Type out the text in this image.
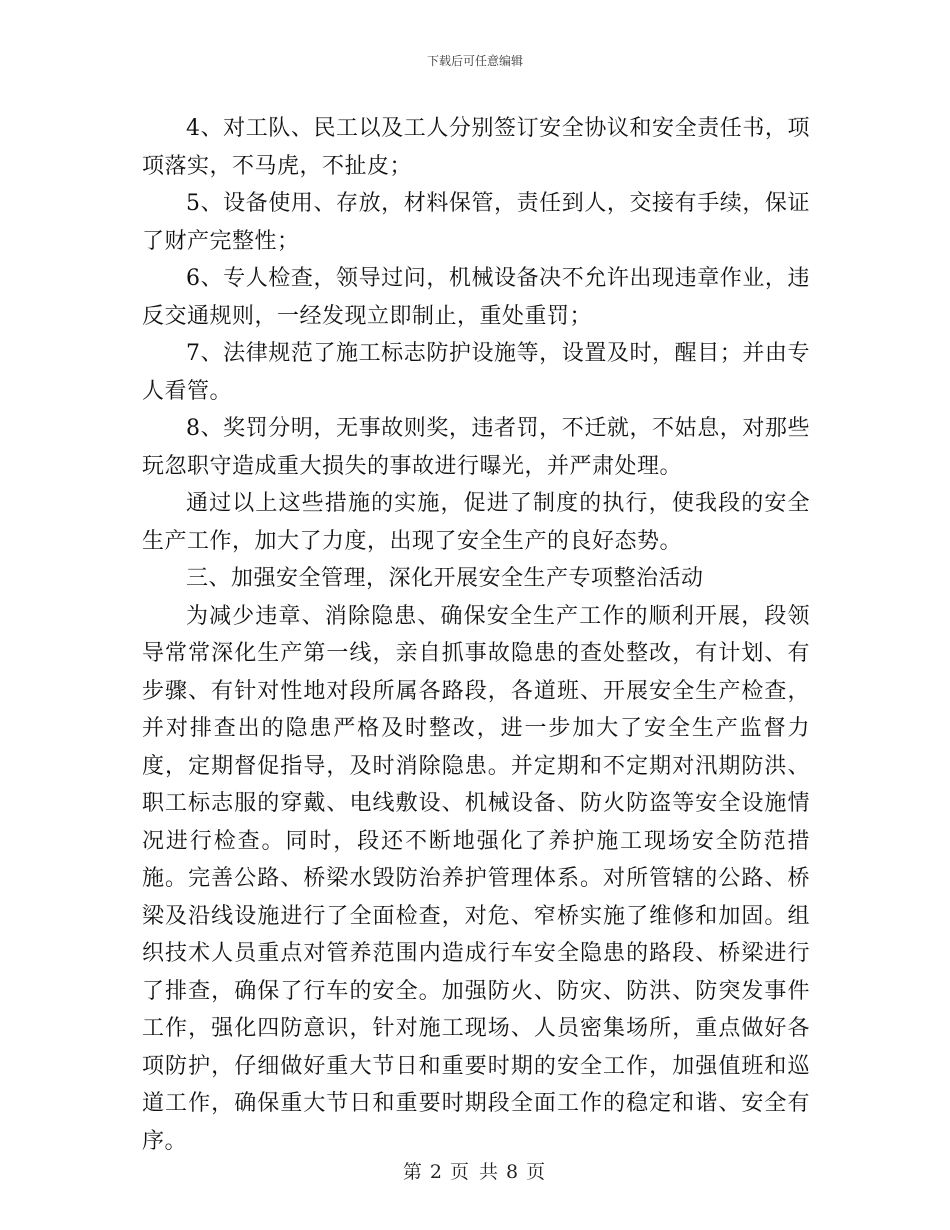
下载后可任意编辑

4、对工队、民工以及工人分别签订安全协议和安全责任书，项项落实，不马虎，不扯皮；

5、设备使用、存放，材料保管，责任到人，交接有手续，保证了财产完整性；

6、专人检查，领导过问，机械设备决不允许出现违章作业，违反交通规则，一经发现立即制止，重处重罚；

7、法律规范了施工标志防护设施等，设置及时，醒目；并由专人看管。

8、奖罚分明，无事故则奖，违者罚，不迁就，不姑息，对那些玩忽职守造成重大损失的事故进行曝光，并严肃处理。

通过以上这些措施的实施，促进了制度的执行，使我段的安全生产工作，加大了力度，出现了安全生产的良好态势。

三、加强安全管理，深化开展安全生产专项整治活动

为减少违章、消除隐患、确保安全生产工作的顺利开展，段领导常常深化生产第一线，亲自抓事故隐患的查处整改，有计划、有步骤、有针对性地对段所属各路段，各道班、开展安全生产检查，并对排查出的隐患严格及时整改，进一步加大了安全生产监督力度，定期督促指导，及时消除隐患。并定期和不定期对汛期防洪、职工标志服的穿戴、电线敷设、机械设备、防火防盗等安全设施情况进行检查。同时，段还不断地强化了养护施工现场安全防范措施。完善公路、桥梁水毁防治养护管理体系。对所管辖的公路、桥梁及沿线设施进行了全面检查，对危、窄桥实施了维修和加固。组织技术人员重点对管养范围内造成行车安全隐患的路段、桥梁进行了排查，确保了行车的安全。加强防火、防灾、防洪、防突发事件工作，强化四防意识，针对施工现场、人员密集场所，重点做好各项防护，仔细做好重大节日和重要时期的安全工作，加强值班和巡道工作，确保重大节日和重要时期段全面工作的稳定和谐、安全有序。

第 2 页 共 8 页
